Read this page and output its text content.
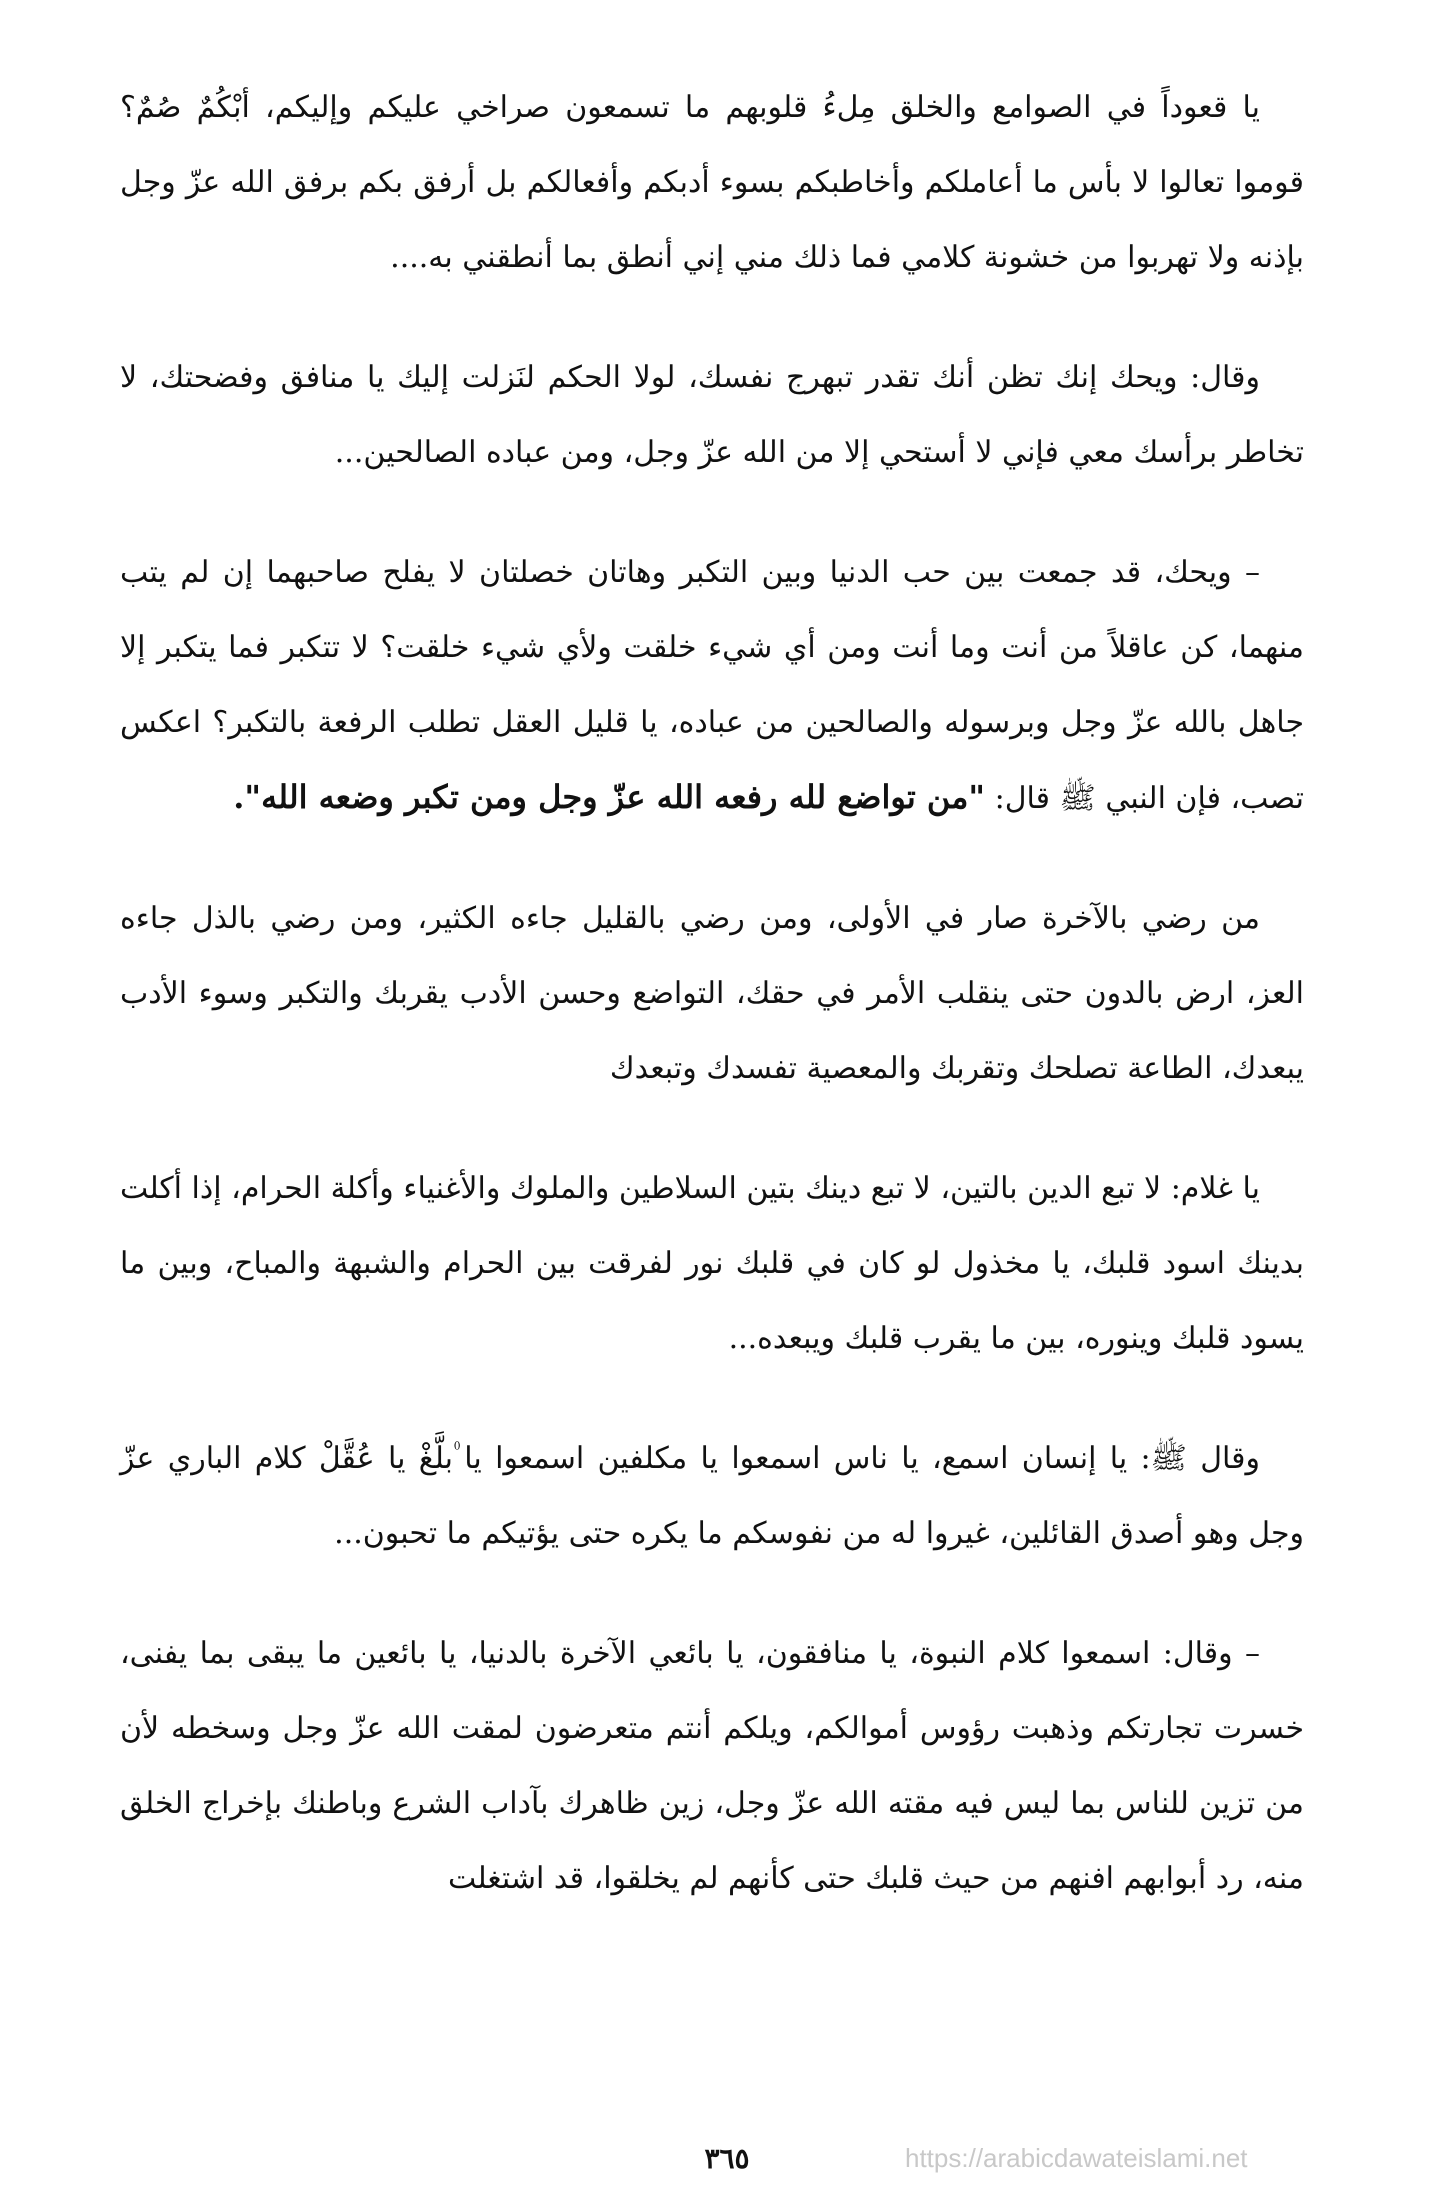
يا قعوداً في الصوامع والخلق مِلءُ قلوبهم ما تسمعون صراخي عليكم وإليكم، أبْكُمٌ صُمٌ؟ قوموا تعالوا لا بأس ما أعاملكم وأخاطبكم بسوء أدبكم وأفعالكم بل أرفق بكم برفق الله عزّ وجل بإذنه ولا تهربوا من خشونة كلامي فما ذلك مني إني أنطق بما أنطقني به....

وقال: ويحك إنك تظن أنك تقدر تبهرج نفسك، لولا الحكم لنَزلت إليك يا منافق وفضحتك، لا تخاطر برأسك معي فإني لا أستحي إلا من الله عزّ وجل، ومن عباده الصالحين...

– ويحك، قد جمعت بين حب الدنيا وبين التكبر وهاتان خصلتان لا يفلح صاحبهما إن لم يتب منهما، كن عاقلاً من أنت وما أنت ومن أي شيء خلقت ولأي شيء خلقت؟ لا تتكبر فما يتكبر إلا جاهل بالله عزّ وجل وبرسوله والصالحين من عباده، يا قليل العقل تطلب الرفعة بالتكبر؟ اعكس تصب، فإن النبي ﷺ قال: "من تواضع لله رفعه الله عزّ وجل ومن تكبر وضعه الله".

من رضي بالآخرة صار في الأولى، ومن رضي بالقليل جاءه الكثير، ومن رضي بالذل جاءه العز، ارض بالدون حتى ينقلب الأمر في حقك، التواضع وحسن الأدب يقربك والتكبر وسوء الأدب يبعدك، الطاعة تصلحك وتقربك والمعصية تفسدك وتبعدك

يا غلام: لا تبع الدين بالتين، لا تبع دينك بتين السلاطين والملوك والأغنياء وأكلة الحرام، إذا أكلت بدينك اسود قلبك، يا مخذول لو كان في قلبك نور لفرقت بين الحرام والشبهة والمباح، وبين ما يسود قلبك وينوره، بين ما يقرب قلبك ويبعده...

وقال ﷺ: يا إنسان اسمع، يا ناس اسمعوا يا مكلفين اسمعوا يا ۠بلَّغْ يا عُقَّلْ كلام الباري عزّ وجل وهو أصدق القائلين، غيروا له من نفوسكم ما يكره حتى يؤتيكم ما تحبون...

– وقال: اسمعوا كلام النبوة، يا منافقون، يا بائعي الآخرة بالدنيا، يا بائعين ما يبقى بما يفنى، خسرت تجارتكم وذهبت رؤوس أموالكم، ويلكم أنتم متعرضون لمقت الله عزّ وجل وسخطه لأن من تزين للناس بما ليس فيه مقته الله عزّ وجل، زين ظاهرك بآداب الشرع وباطنك بإخراج الخلق منه، رد أبوابهم افنهم من حيث قلبك حتى كأنهم لم يخلقوا، قد اشتغلت

٣٦٥	https://arabicdawateislami.net
